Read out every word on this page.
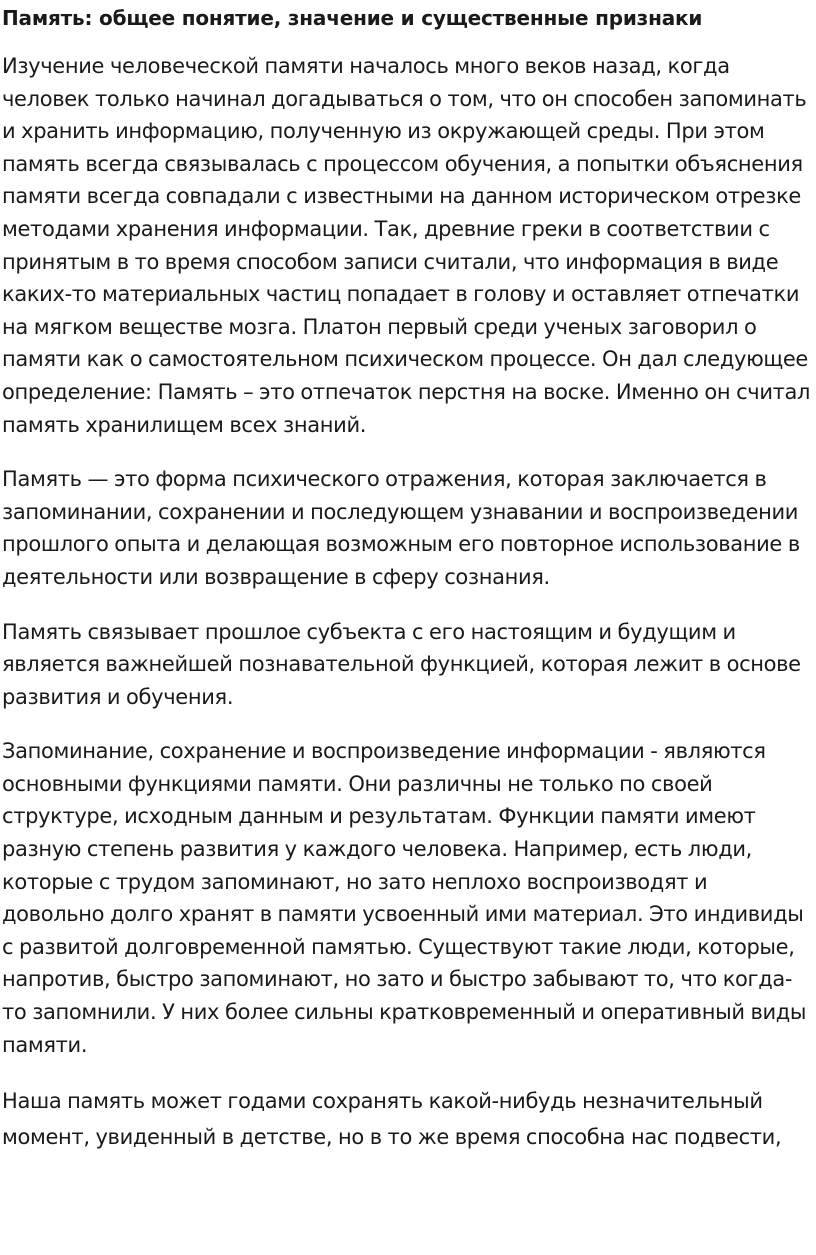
Память: общее понятие, значение и существенные признаки

Изучение человеческой памяти началось много веков назад, когда человек только начинал догадываться о том, что он способен запоминать и хранить информацию, полученную из окружающей среды. При этом память всегда связывалась с процессом обучения, а попытки объяснения памяти всегда совпадали с известными на данном историческом отрезке методами хранения информации. Так, древние греки в соответствии с принятым в то время способом записи считали, что информация в виде каких-то материальных частиц попадает в голову и оставляет отпечатки на мягком веществе мозга. Платон первый среди ученых заговорил о памяти как о самостоятельном психическом процессе. Он дал следующее определение: Память – это отпечаток перстня на воске. Именно он считал память хранилищем всех знаний.

Память — это форма психического отражения, которая заключается в запоминании, сохранении и последующем узнавании и воспроизведении прошлого опыта и делающая возможным его повторное использование в деятельности или возвращение в сферу сознания.

Память связывает прошлое субъекта с его настоящим и будущим и является важнейшей познавательной функцией, которая лежит в основе развития и обучения.

Запоминание, сохранение и воспроизведение информации - являются основными функциями памяти. Они различны не только по своей структуре, исходным данным и результатам. Функции памяти имеют разную степень развития у каждого человека. Например, есть люди, которые с трудом запоминают, но зато неплохо воспроизводят и довольно долго хранят в памяти усвоенный ими материал. Это индивиды с развитой долговременной памятью. Существуют такие люди, которые, напротив, быстро запоминают, но зато и быстро забывают то, что когда-то запомнили. У них более сильны кратковременный и оперативный виды памяти.

Наша память может годами сохранять какой-нибудь незначительный момент, увиденный в детстве, но в то же время способна нас подвести,
